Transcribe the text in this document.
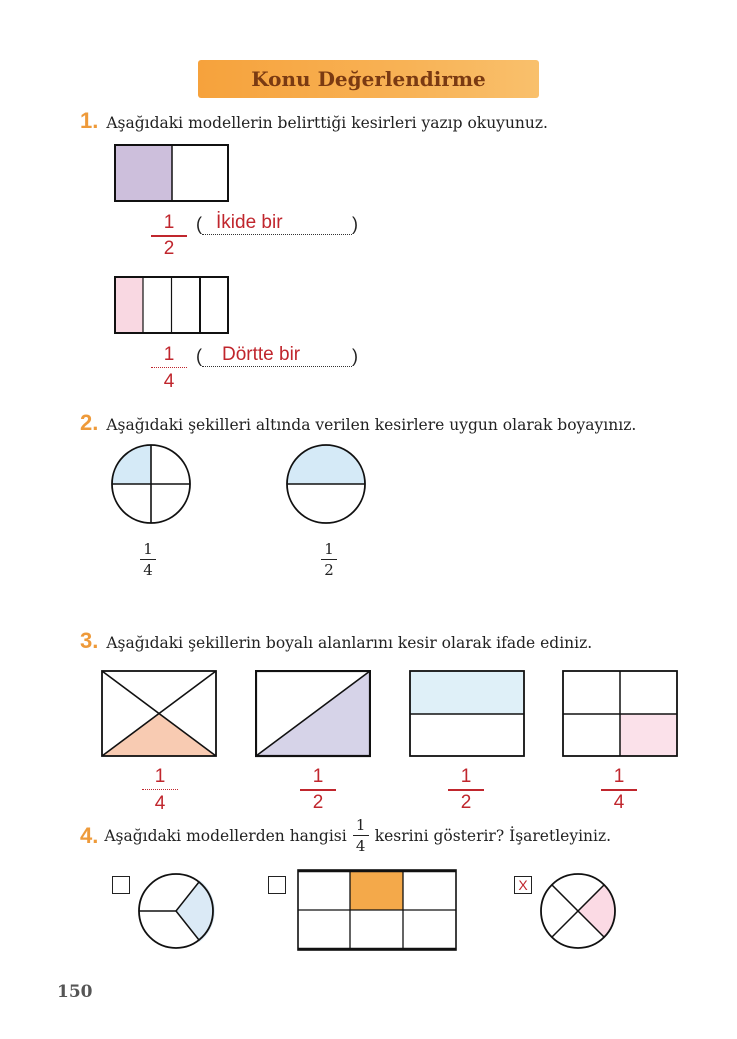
Konu Değerlendirme
1. Aşağıdaki modellerin belirttiği kesirleri yazıp okuyunuz.
1
2
( İkide bir	)
1
4
( Dörtte bir	)
2. Aşağıdaki şekilleri altında verilen kesirlere uygun olarak boyayınız.
1
4
1
2
3. Aşağıdaki şekillerin boyalı alanlarını kesir olarak ifade ediniz.
1
4
1
2
1
2
1
4
4. Aşağıdaki modellerden hangisi $\frac{1}{4}$ kesrini gösterir? İşaretleyiniz.
X
150
